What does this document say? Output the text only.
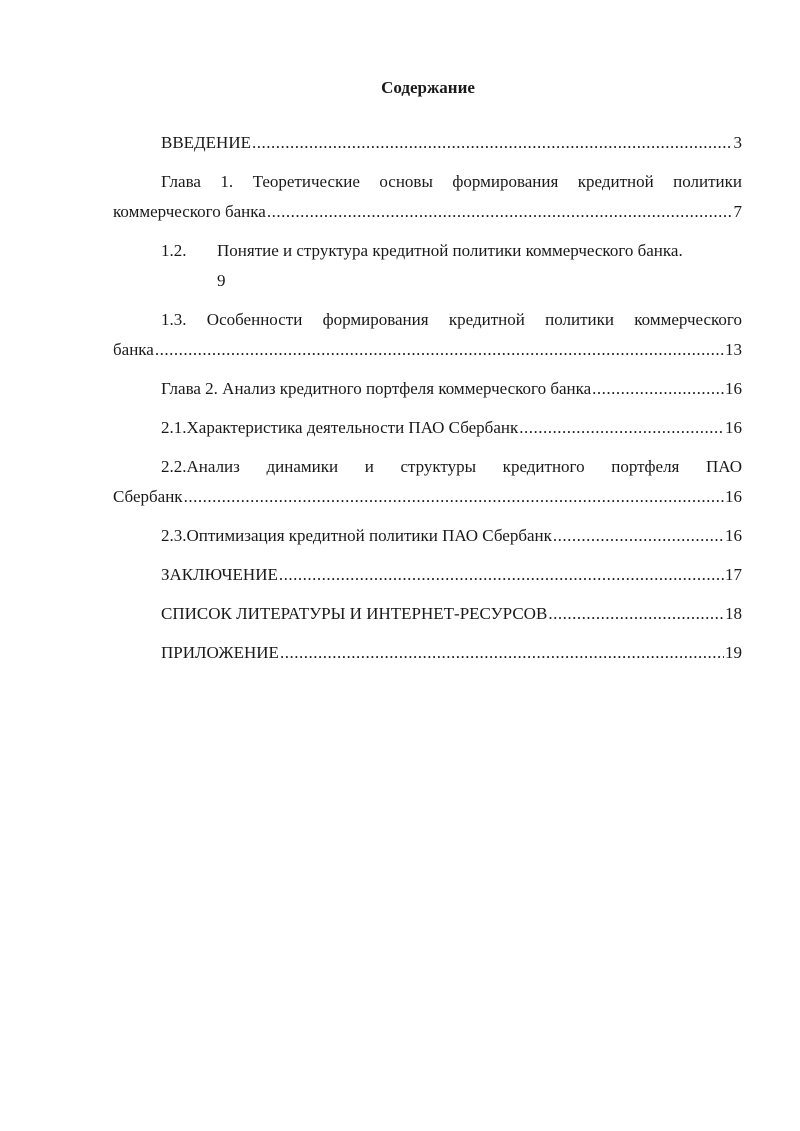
Содержание
ВВЕДЕНИЕ .....	3
Глава 1. Теоретические основы формирования кредитной политики
коммерческого банка .....	7
1.2.	Понятие и структура кредитной политики коммерческого банка.
9
1.3. Особенности формирования кредитной политики коммерческого
банка .....	13
Глава 2. Анализ кредитного портфеля коммерческого банка .....	16
2.1.Характеристика деятельности ПАО Сбербанк .....	16
2.2.Анализ динамики и структуры кредитного портфеля ПАО
Сбербанк .....	16
2.3.Оптимизация кредитной политики ПАО Сбербанк .....	16
ЗАКЛЮЧЕНИЕ .....	17
СПИСОК ЛИТЕРАТУРЫ И ИНТЕРНЕТ-РЕСУРСОВ .....	18
ПРИЛОЖЕНИЕ .....	19
